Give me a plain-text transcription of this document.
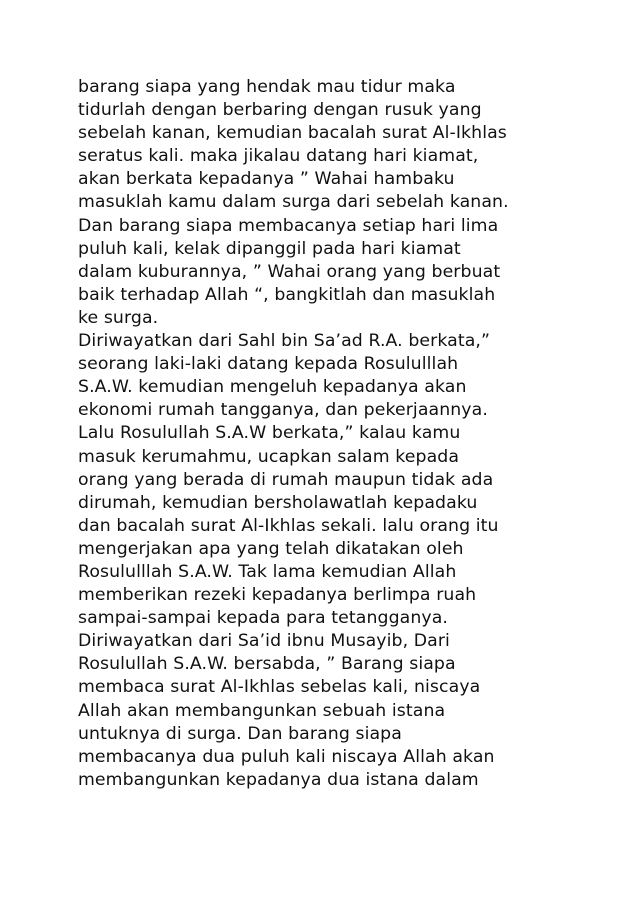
barang siapa yang hendak mau tidur maka
tidurlah dengan berbaring dengan rusuk yang
sebelah kanan, kemudian bacalah surat Al-Ikhlas
seratus kali. maka jikalau datang hari kiamat,
akan berkata kepadanya ” Wahai hambaku
masuklah kamu dalam surga dari sebelah kanan.
Dan barang siapa membacanya setiap hari lima
puluh kali, kelak dipanggil pada hari kiamat
dalam kuburannya, ” Wahai orang yang berbuat
baik terhadap Allah “, bangkitlah dan masuklah
ke surga.
Diriwayatkan dari Sahl bin Sa’ad R.A. berkata,”
seorang laki-laki datang kepada Rosululllah
S.A.W. kemudian mengeluh kepadanya akan
ekonomi rumah tangganya, dan pekerjaannya.
Lalu Rosulullah S.A.W berkata,” kalau kamu
masuk kerumahmu, ucapkan salam kepada
orang yang berada di rumah maupun tidak ada
dirumah, kemudian bersholawatlah kepadaku
dan bacalah surat Al-Ikhlas sekali. lalu orang itu
mengerjakan apa yang telah dikatakan oleh
Rosululllah S.A.W. Tak lama kemudian Allah
memberikan rezeki kepadanya berlimpa ruah
sampai-sampai kepada para tetangganya.
Diriwayatkan dari Sa’id ibnu Musayib, Dari
Rosulullah S.A.W. bersabda, ” Barang siapa
membaca surat Al-Ikhlas sebelas kali, niscaya
Allah akan membangunkan sebuah istana
untuknya di surga. Dan barang siapa
membacanya dua puluh kali niscaya Allah akan
membangunkan kepadanya dua istana dalam
